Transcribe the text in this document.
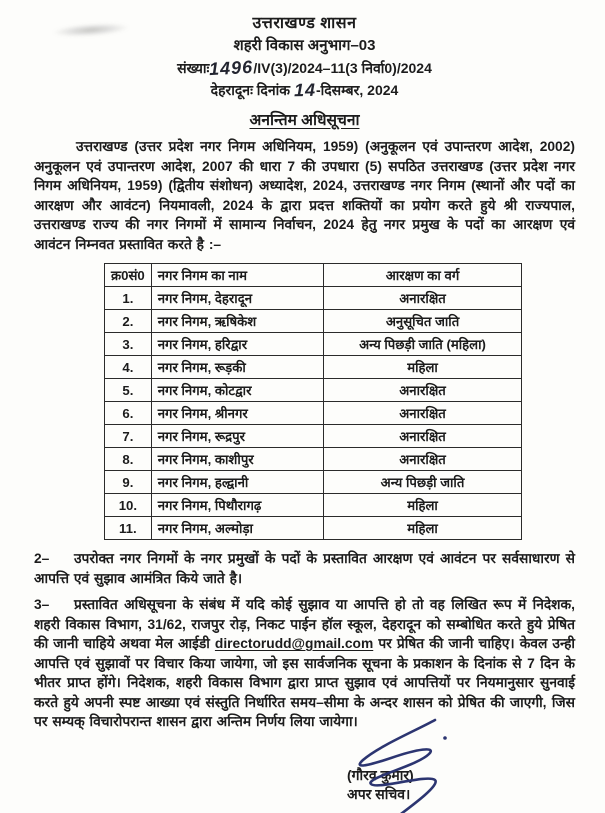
उत्तराखण्ड शासन
शहरी विकास अनुभाग–03
संख्याः1496/IV(3)/2024–11(3 निर्वा0)/2024
देहरादूनः दिनांक 14-दिसम्बर, 2024
अनन्तिम अधिसूचना

उत्तराखण्ड (उत्तर प्रदेश नगर निगम अधिनियम, 1959) (अनुकूलन एवं उपान्तरण आदेश, 2002) अनुकूलन एवं उपान्तरण आदेश, 2007 की धारा 7 की उपधारा (5) सपठित उत्तराखण्ड (उत्तर प्रदेश नगर निगम अधिनियम, 1959) (द्वितीय संशोधन) अध्यादेश, 2024, उत्तराखण्ड नगर निगम (स्थानों और पदों का आरक्षण और आवंटन) नियमावली, 2024 के द्वारा प्रदत्त शक्तियों का प्रयोग करते हुये श्री राज्यपाल, उत्तराखण्ड राज्य की नगर निगमों में सामान्य निर्वाचन, 2024 हेतु नगर प्रमुख के पदों का आरक्षण एवं आवंटन निम्नवत प्रस्तावित करते है :–

क्र0सं0	नगर निगम का नाम	आरक्षण का वर्ग
1.	नगर निगम, देहरादून	अनारक्षित
2.	नगर निगम, ऋषिकेश	अनुसूचित जाति
3.	नगर निगम, हरिद्वार	अन्य पिछड़ी जाति (महिला)
4.	नगर निगम, रूड़की	महिला
5.	नगर निगम, कोटद्वार	अनारक्षित
6.	नगर निगम, श्रीनगर	अनारक्षित
7.	नगर निगम, रूद्रपुर	अनारक्षित
8.	नगर निगम, काशीपुर	अनारक्षित
9.	नगर निगम, हल्द्वानी	अन्य पिछड़ी जाति
10.	नगर निगम, पिथौरागढ़	महिला
11.	नगर निगम, अल्मोड़ा	महिला

2– उपरोक्त नगर निगमों के नगर प्रमुखों के पदों के प्रस्तावित आरक्षण एवं आवंटन पर सर्वसाधारण से आपत्ति एवं सुझाव आमंत्रित किये जाते है।

3– प्रस्तावित अधिसूचना के संबंध में यदि कोई सुझाव या आपत्ति हो तो वह लिखित रूप में निदेशक, शहरी विकास विभाग, 31/62, राजपुर रोड़, निकट पाईन हॉल स्कूल, देहरादून को सम्बोधित करते हुये प्रेषित की जानी चाहिये अथवा मेल आईडी directorudd@gmail.com पर प्रेषित की जानी चाहिए। केवल उन्ही आपत्ति एवं सुझावों पर विचार किया जायेगा, जो इस सार्वजनिक सूचना के प्रकाशन के दिनांक से 7 दिन के भीतर प्राप्त होंगे। निदेशक, शहरी विकास विभाग द्वारा प्राप्त सुझाव एवं आपत्तियों पर नियमानुसार सुनवाई करते हुये अपनी स्पष्ट आख्या एवं संस्तुति निर्धारित समय–सीमा के अन्दर शासन को प्रेषित की जाएगी, जिस पर सम्यक् विचारोपरान्त शासन द्वारा अन्तिम निर्णय लिया जायेगा।

(गौरव कुमार)
अपर सचिव।
